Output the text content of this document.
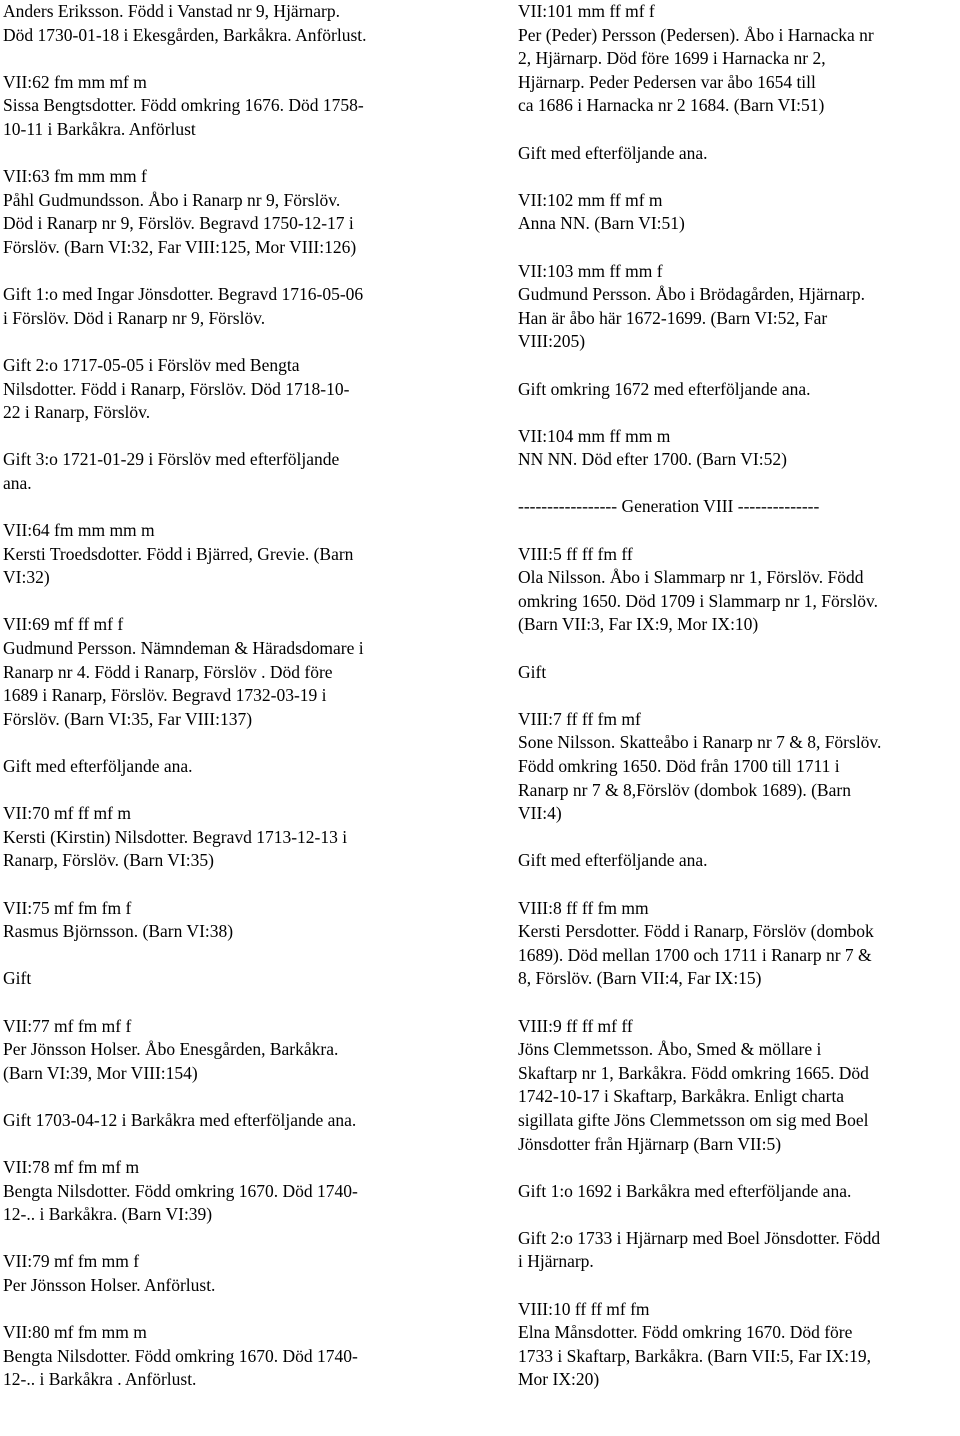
Anders Eriksson. Född i Vanstad nr 9, Hjärnarp.
Död 1730-01-18 i Ekesgården, Barkåkra. Anförlust.

VII:62 fm mm mf m
Sissa Bengtsdotter. Född omkring 1676. Död 1758-
10-11 i Barkåkra. Anförlust

VII:63 fm mm mm f
Påhl Gudmundsson. Åbo i Ranarp nr 9, Förslöv.
Död i Ranarp nr 9, Förslöv. Begravd 1750-12-17 i
Förslöv. (Barn VI:32, Far VIII:125, Mor VIII:126)

Gift 1:o med Ingar Jönsdotter. Begravd 1716-05-06
i Förslöv. Död i Ranarp nr 9, Förslöv.

Gift 2:o 1717-05-05 i Förslöv med Bengta
Nilsdotter. Född i Ranarp, Förslöv. Död 1718-10-
22 i Ranarp, Förslöv.

Gift 3:o 1721-01-29 i Förslöv med efterföljande
ana.

VII:64 fm mm mm m
Kersti Troedsdotter. Född i Bjärred, Grevie. (Barn
VI:32)

VII:69 mf ff mf f
Gudmund Persson. Nämndeman & Häradsdomare i
Ranarp nr 4. Född i Ranarp, Förslöv . Död före
1689 i Ranarp, Förslöv. Begravd 1732-03-19 i
Förslöv. (Barn VI:35, Far VIII:137)

Gift med efterföljande ana.

VII:70 mf ff mf m
Kersti (Kirstin) Nilsdotter. Begravd 1713-12-13 i
Ranarp, Förslöv. (Barn VI:35)

VII:75 mf fm fm f
Rasmus Björnsson. (Barn VI:38)

Gift

VII:77 mf fm mf f
Per Jönsson Holser. Åbo Enesgården, Barkåkra.
(Barn VI:39, Mor VIII:154)

Gift 1703-04-12 i Barkåkra med efterföljande ana.

VII:78 mf fm mf m
Bengta Nilsdotter. Född omkring 1670. Död 1740-
12-.. i Barkåkra. (Barn VI:39)

VII:79 mf fm mm f
Per Jönsson Holser. Anförlust.

VII:80 mf fm mm m
Bengta Nilsdotter. Född omkring 1670. Död 1740-
12-.. i Barkåkra . Anförlust.

VII:101 mm ff mf f
Per (Peder) Persson (Pedersen). Åbo i Harnacka nr
2, Hjärnarp. Död före 1699 i Harnacka nr 2,
Hjärnarp. Peder Pedersen var åbo 1654 till
ca 1686 i Harnacka nr 2 1684. (Barn VI:51)

Gift med efterföljande ana.

VII:102 mm ff mf m
Anna NN. (Barn VI:51)

VII:103 mm ff mm f
Gudmund Persson. Åbo i Brödagården, Hjärnarp.
Han är åbo här 1672-1699. (Barn VI:52, Far
VIII:205)

Gift omkring 1672 med efterföljande ana.

VII:104 mm ff mm m
NN NN. Död efter 1700. (Barn VI:52)

----------------- Generation VIII --------------

VIII:5 ff ff fm ff
Ola Nilsson. Åbo i Slammarp nr 1, Förslöv. Född
omkring 1650. Död 1709 i Slammarp nr 1, Förslöv.
(Barn VII:3, Far IX:9, Mor IX:10)

Gift

VIII:7 ff ff fm mf
Sone Nilsson. Skatteåbo i Ranarp nr 7 & 8, Förslöv.
Född omkring 1650. Död från 1700 till 1711 i
Ranarp nr 7 & 8,Förslöv (dombok 1689). (Barn
VII:4)

Gift med efterföljande ana.

VIII:8 ff ff fm mm
Kersti Persdotter. Född i Ranarp, Förslöv (dombok
1689). Död mellan 1700 och 1711 i Ranarp nr 7 &
8, Förslöv. (Barn VII:4, Far IX:15)

VIII:9 ff ff mf ff
Jöns Clemmetsson. Åbo, Smed & möllare i
Skaftarp nr 1, Barkåkra. Född omkring 1665. Död
1742-10-17 i Skaftarp, Barkåkra. Enligt charta
sigillata gifte Jöns Clemmetsson om sig med Boel
Jönsdotter från Hjärnarp (Barn VII:5)

Gift 1:o 1692 i Barkåkra med efterföljande ana.

Gift 2:o 1733 i Hjärnarp med Boel Jönsdotter. Född
i Hjärnarp.

VIII:10 ff ff mf fm
Elna Månsdotter. Född omkring 1670. Död före
1733 i Skaftarp, Barkåkra. (Barn VII:5, Far IX:19,
Mor IX:20)
